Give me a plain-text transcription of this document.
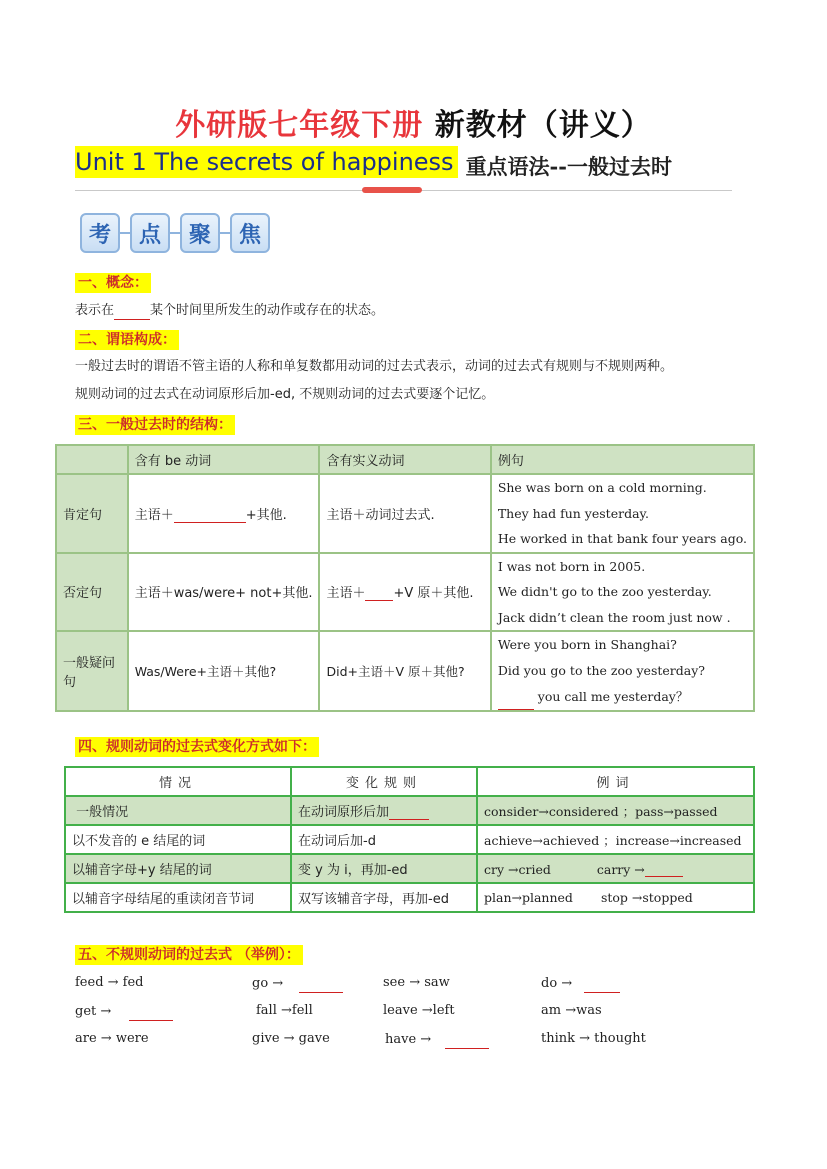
外研版七年级下册 新教材（讲义）
Unit 1 The secrets of happiness 重点语法--一般过去时
考	点	聚	焦
一、概念：
表示在	某个时间里所发生的动作或存在的状态。
二、谓语构成：
一般过去时的谓语不管主语的人称和单复数都用动词的过去式表示，动词的过去式有规则与不规则两种。
规则动词的过去式在动词原形后加-ed, 不规则动词的过去式要逐个记忆。
三、一般过去时的结构：
	含有 be 动词	含有实义动词	例句
肯定句	主语＋ +其他.	主语＋动词过去式.	She was born on a cold morning.
They had fun yesterday.
He worked in that bank four years ago.

否定句	主语＋was/were+ not+其他.	主语＋ +V 原＋其他.	I was not born in 2005.
We didn't go to the zoo yesterday.
Jack didn’t clean the room just now .

一般疑问句	Was/Were+主语＋其他?	Did+主语＋V 原＋其他?	Were you born in Shanghai?
Did you go to the zoo yesterday?
you call me yesterday？
四、规则动词的过去式变化方式如下：
情况	变化规则	例词
一般情况	在动词原形后加	consider→considered ；pass→passed
以不发音的 e 结尾的词	在动词后加-d	achieve→achieved ；increase→increased
以辅音字母+y 结尾的词	变 y 为 i，再加-ed	cry →cried carry →
以辅音字母结尾的重读闭音节词	双写该辅音字母，再加-ed	plan→planned stop →stopped
五、不规则动词的过去式 （举例）：
feed → fed	go →	see → saw	do →
get →	fall →fell	leave →left	am →was
are → were	give → gave	have →	think → thought
